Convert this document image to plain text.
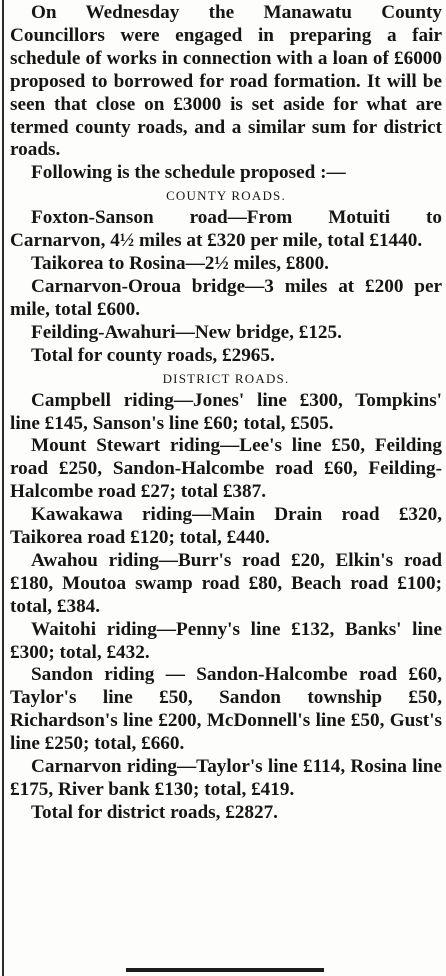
On Wednesday the Manawatu County Councillors were engaged in preparing a fair schedule of works in connection with a loan of £6000 proposed to borrowed for road formation. It will be seen that close on £3000 is set aside for what are termed county roads, and a similar sum for district roads.

Following is the schedule proposed :—

COUNTY ROADS.

Foxton-Sanson road—From Motuiti to Carnarvon, 4½ miles at £320 per mile, total £1440.

Taikorea to Rosina—2½ miles, £800.

Carnarvon-Oroua bridge—3 miles at £200 per mile, total £600.

Feilding-Awahuri—New bridge, £125.

Total for county roads, £2965.

DISTRICT ROADS.

Campbell riding—Jones' line £300, Tompkins' line £145, Sanson's line £60; total, £505.

Mount Stewart riding—Lee's line £50, Feilding road £250, Sandon-Halcombe road £60, Feilding-Halcombe road £27; total £387.

Kawakawa riding—Main Drain road £320, Taikorea road £120; total, £440.

Awahou riding—Burr's road £20, Elkin's road £180, Moutoa swamp road £80, Beach road £100; total, £384.

Waitohi riding—Penny's line £132, Banks' line £300; total, £432.

Sandon riding — Sandon-Halcombe road £60, Taylor's line £50, Sandon township £50, Richardson's line £200, McDonnell's line £50, Gust's line £250; total, £660.

Carnarvon riding—Taylor's line £114, Rosina line £175, River bank £130; total, £419.

Total for district roads, £2827.
